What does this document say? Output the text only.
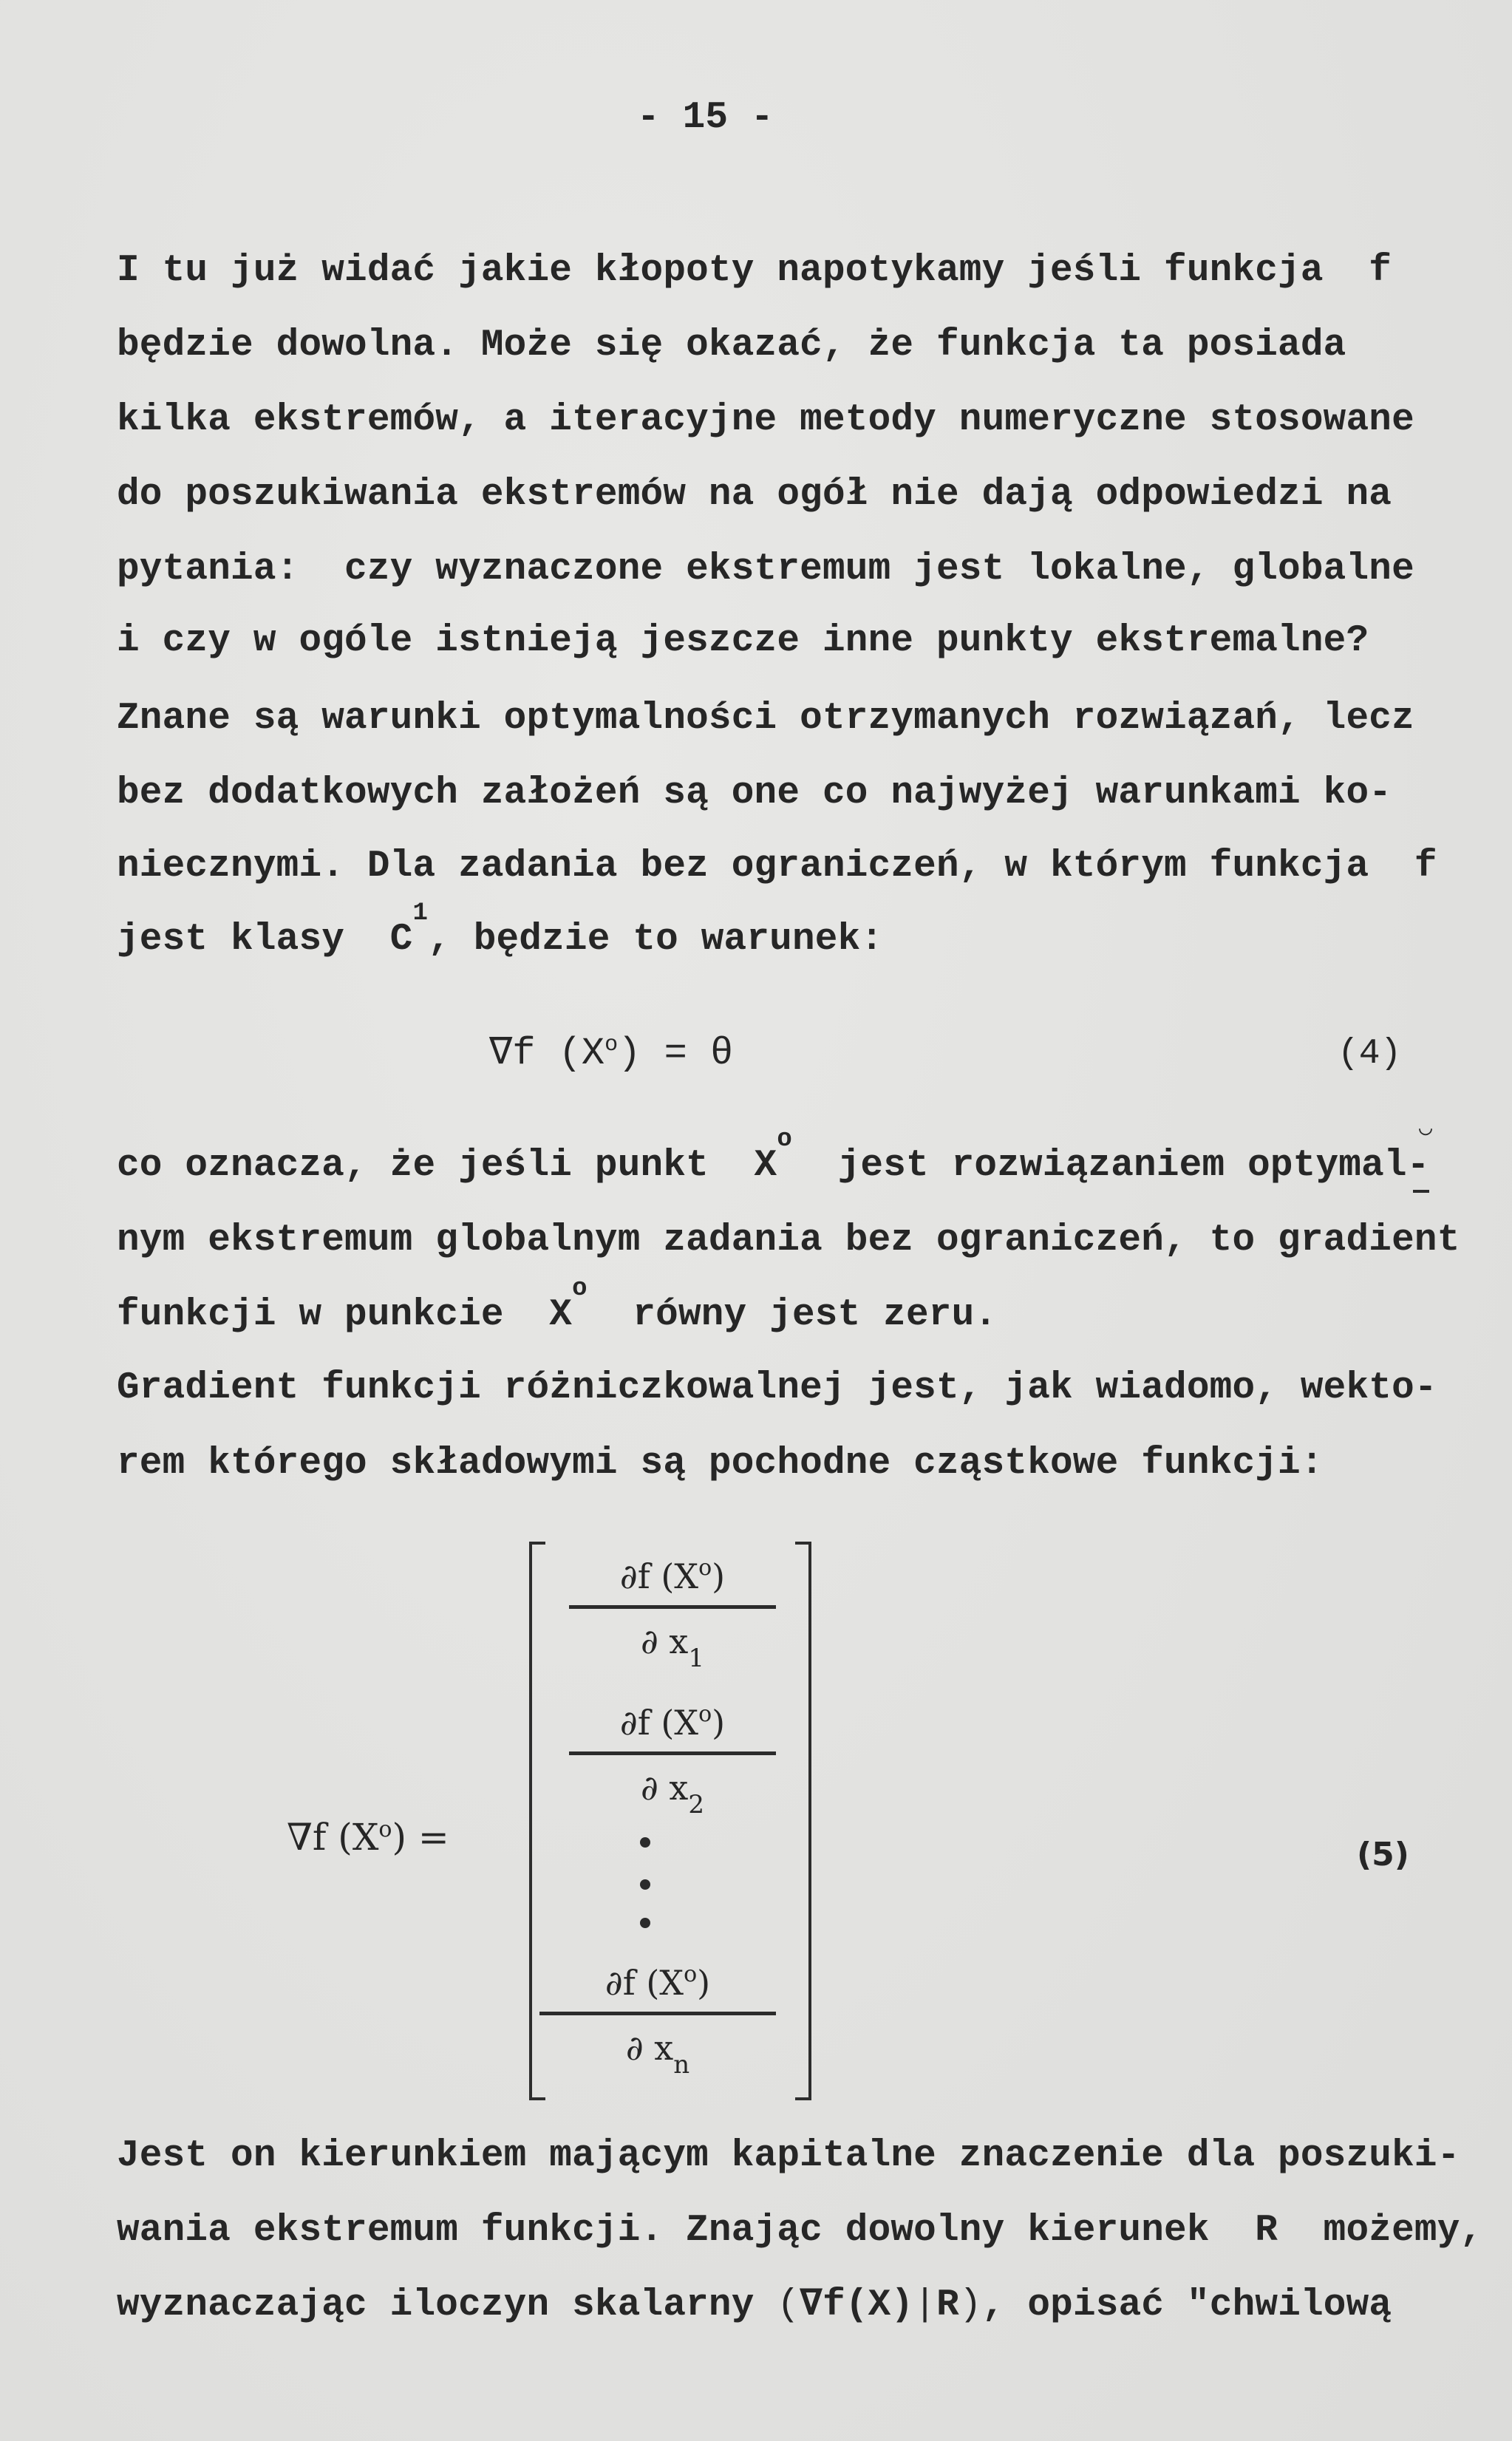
- 15 -
I tu już widać jakie kłopoty napotykamy jeśli funkcja  f
będzie dowolna. Może się okazać, że funkcja ta posiada
kilka ekstremów, a iteracyjne metody numeryczne stosowane
do poszukiwania ekstremów na ogół nie dają odpowiedzi na
pytania:  czy wyznaczone ekstremum jest lokalne, globalne
i czy w ogóle istnieją jeszcze inne punkty ekstremalne?
Znane są warunki optymalności otrzymanych rozwiązań, lecz
bez dodatkowych założeń są one co najwyżej warunkami ko-
niecznymi. Dla zadania bez ograniczeń, w którym funkcja  f
jest klasy  $C^1$, będzie to warunek:
∇f $(X^o) = \theta$	(4)
co oznacza, że jeśli punkt  $X^o$  jest rozwiązaniem optymal-
◡
nym ekstremum globalnym zadania bez ograniczeń, to gradient
funkcji w punkcie  $X^o$  równy jest zeru.
Gradient funkcji różniczkowalnej jest, jak wiadomo, wekto-
rem którego składowymi są pochodne cząstkowe funkcji:
∇f $(X^o)$ =
∂f $(X^o)$
∂ $x_1$
∂f $(X^o)$
∂ $x_2$
∂f $(X^o)$
∂ $x_n$
(5)
Jest on kierunkiem mającym kapitalne znaczenie dla poszuki-
wania ekstremum funkcji. Znając dowolny kierunek  R  możemy,
wyznaczając iloczyn skalarny (∇f(X)|R), opisać "chwilową
